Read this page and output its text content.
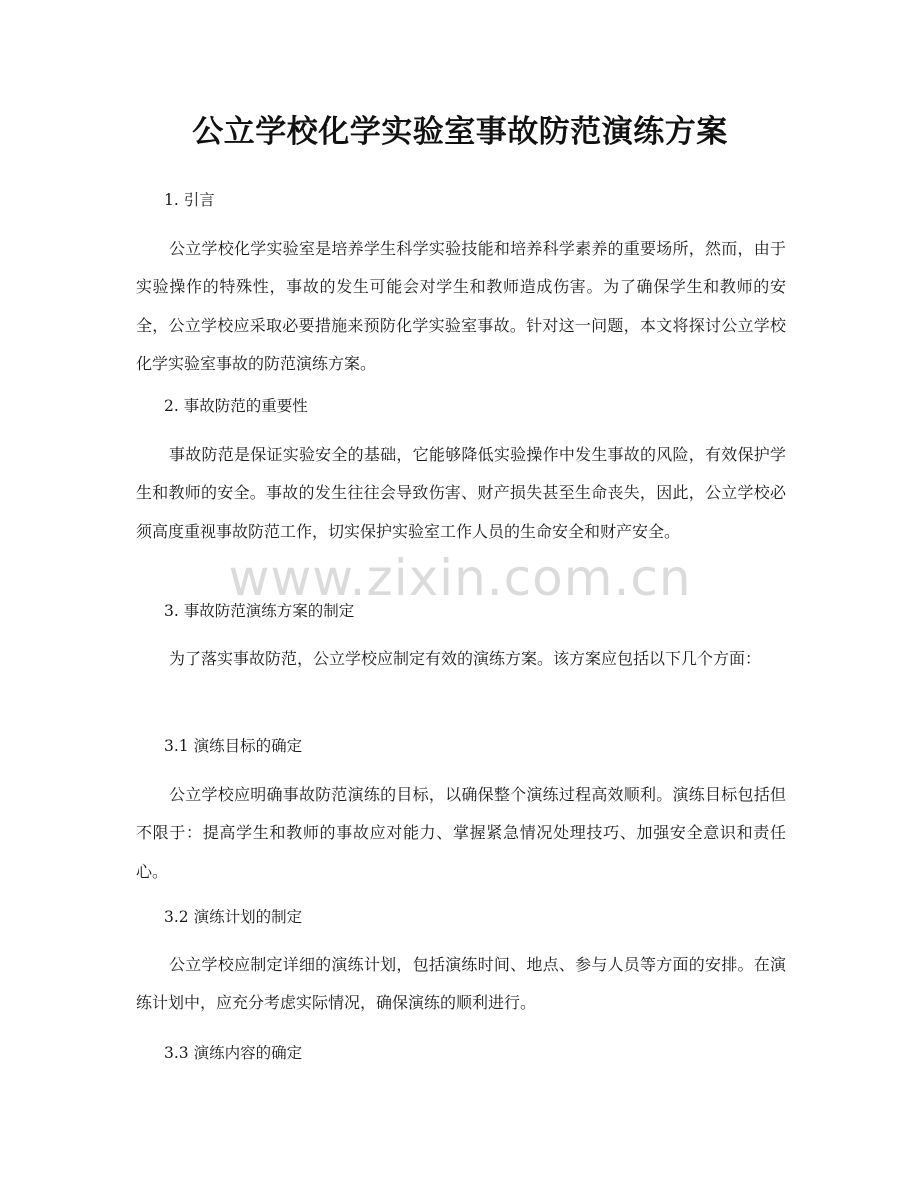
公立学校化学实验室事故防范演练方案

1. 引言

公立学校化学实验室是培养学生科学实验技能和培养科学素养的重要场所，然而，由于实验操作的特殊性，事故的发生可能会对学生和教师造成伤害。为了确保学生和教师的安全，公立学校应采取必要措施来预防化学实验室事故。针对这一问题，本文将探讨公立学校化学实验室事故的防范演练方案。

2. 事故防范的重要性

事故防范是保证实验安全的基础，它能够降低实验操作中发生事故的风险，有效保护学生和教师的安全。事故的发生往往会导致伤害、财产损失甚至生命丧失，因此，公立学校必须高度重视事故防范工作，切实保护实验室工作人员的生命安全和财产安全。

3. 事故防范演练方案的制定

为了落实事故防范，公立学校应制定有效的演练方案。该方案应包括以下几个方面：

3.1 演练目标的确定

公立学校应明确事故防范演练的目标，以确保整个演练过程高效顺利。演练目标包括但不限于：提高学生和教师的事故应对能力、掌握紧急情况处理技巧、加强安全意识和责任心。

3.2 演练计划的制定

公立学校应制定详细的演练计划，包括演练时间、地点、参与人员等方面的安排。在演练计划中，应充分考虑实际情况，确保演练的顺利进行。

3.3 演练内容的确定

www.zixin.com.cn
